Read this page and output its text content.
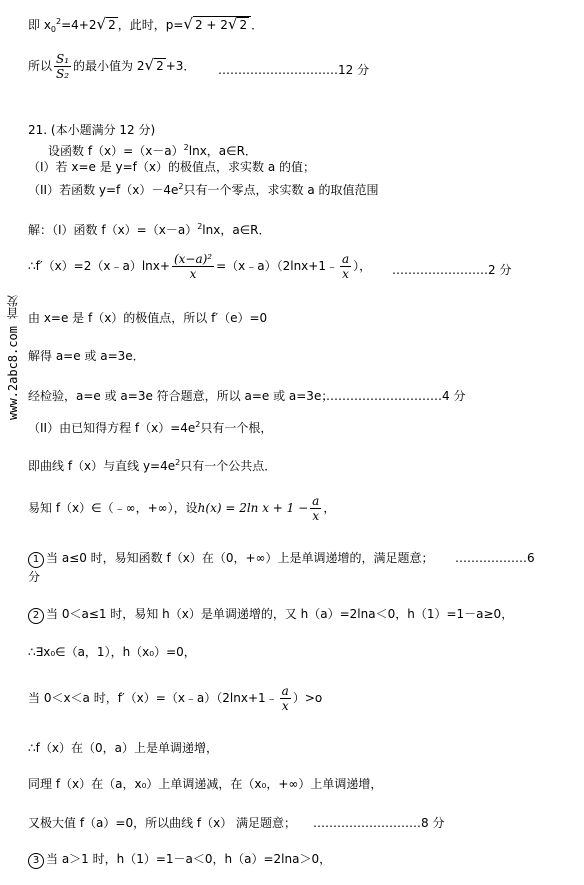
www.2abc8.com 首发
即 $x_0^2=4+2√$ 2 ，此时，p=√ 2 + 2√ 2 ．
所以 $\frac{\text{S₁}}{\text{S₂}}$ 的最小值为 2√ 2 +3． …………………………12 分
21. (本小题满分 12 分)
设函数 $f(x)=(x-a)^2\ln x$，a∈R．
（I）若 x=e 是 y=f（x）的极值点，求实数 a 的值；
（II）若函数 $y=f(x)-4e^2$只有一个零点，求实数 a 的取值范围
解：（I）函数 $f(x)=(x-a)^2\ln x$，a∈R．
∴f′（x）=2（x﹣a）lnx+ $\frac{\text{(x−a)²}}{x}$ =（x﹣a）（2lnx+1﹣ $\frac{a}{x}$ ）， ……………………2 分
由 x=e 是 f（x）的极值点，所以 f′（e）=0
解得 a=e 或 a=3e．
经检验，a=e 或 a=3e 符合题意，所以 a=e 或 a=3e；
…………………………4 分
（II）由已知得方程 $f(x)=4e^2$只有一个根，
即曲线 f（x）与直线 $y=4e^2$只有一个公共点．
易知 f（x）∈（﹣∞，+∞），设h(x) = 2ln $x + 1 - \frac{a}{x}$ ，
1 当 a≤0 时，易知函数 f（x）在（0，+∞）上是单调递增的，满足题意； ………………6
分
2 当 0＜a≤1 时，易知 h（x）是单调递增的，又 h（a）=2lna＜0，h（1）=1－a≥0，
∴∃x₀∈（a，1），h（x₀）=0，
当 0＜x＜a 时，f′（x）=（x﹣a）（2lnx+1﹣ $\frac{a}{x} )>o$
∴f（x）在（0，a）上是单调递增，
同理 f（x）在（a，x₀）上单调递减，在（x₀，+∞）上单调递增，
又极大值 f（a）=0，所以曲线 f（x） 满足题意； ………………………8 分
3 当 a＞1 时，h（1）=1－a＜0，h（a）=2lna＞0，
